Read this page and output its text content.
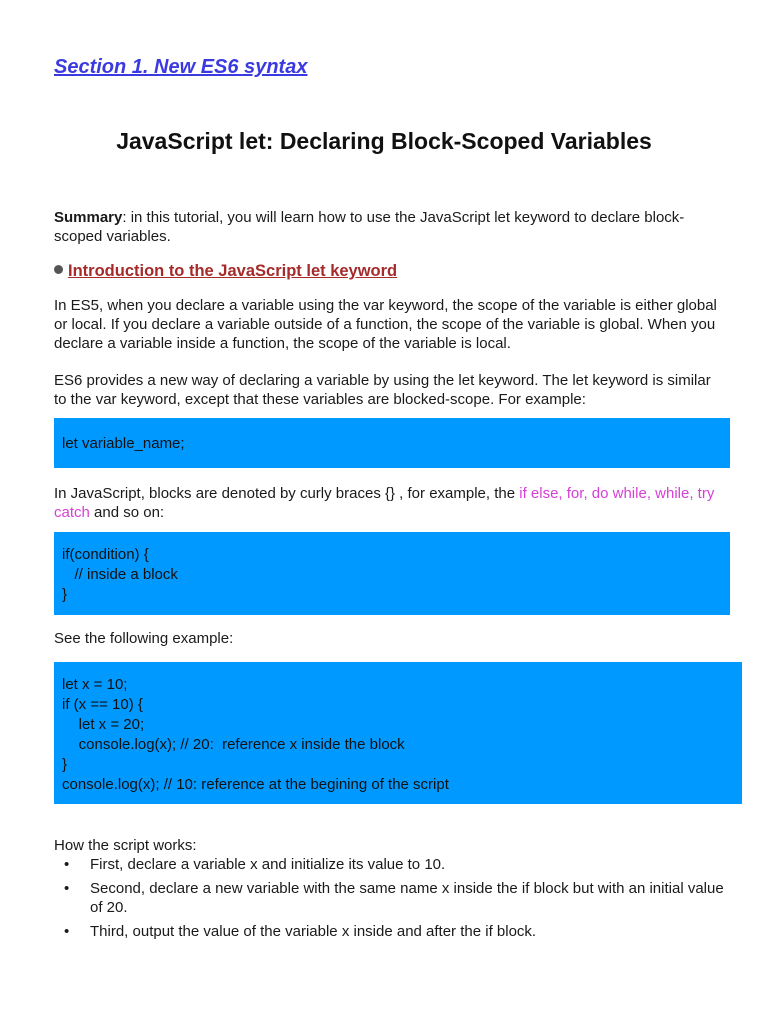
Section 1. New ES6 syntax
JavaScript let: Declaring Block-Scoped Variables
Summary: in this tutorial, you will learn how to use the JavaScript let keyword to declare block-scoped variables.
Introduction to the JavaScript let keyword
In ES5, when you declare a variable using the var keyword, the scope of the variable is either global or local. If you declare a variable outside of a function, the scope of the variable is global. When you declare a variable inside a function, the scope of the variable is local.
ES6 provides a new way of declaring a variable by using the let keyword. The let keyword is similar to the var keyword, except that these variables are blocked-scope. For example:

let variable_name;

In JavaScript, blocks are denoted by curly braces {} , for example, the if else, for, do while, while, try catch and so on:

if(condition) {
// inside a block
}

See the following example:

let x = 10;
if (x == 10) {
let x = 20;
console.log(x); // 20:  reference x inside the block
}
console.log(x); // 10: reference at the begining of the script

How the script works:
• First, declare a variable x and initialize its value to 10.
• Second, declare a new variable with the same name x inside the if block but with an initial value of 20.
• Third, output the value of the variable x inside and after the if block.
